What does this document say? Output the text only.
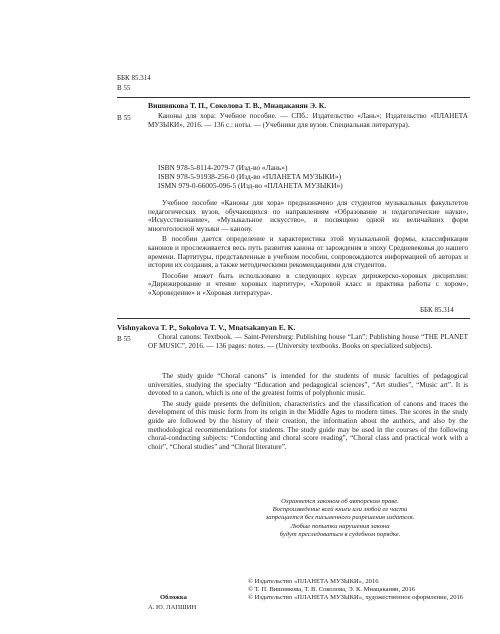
ББК 85.314
В 55
В 55
Вишнякова Т. П., Соколова Т. В., Мнацаканян Э. К.
Каноны для хора: Учебное пособие. — СПб.: Издательство «Лань»; Издательство «ПЛАНЕТА МУЗЫКИ», 2016. — 136 с.: ноты. — (Учебники для вузов. Специальная литература).
ISBN 978-5-8114-2079-7 (Изд-во «Лань»)
ISBN 978-5-91938-256-0 (Изд-во «ПЛАНЕТА МУЗЫКИ»)
ISMN 979-0-66005-096-5 (Изд-во «ПЛАНЕТА МУЗЫКИ»)

Учебное пособие «Каноны для хора» предназначено для студентов музыкальных факультетов педагогических вузов, обучающихся по направлениям «Образование и педагогические науки», «Искусствознание», «Музыкальное искусство», и посвящено одной из величайших форм многоголосной музыки — канону.

В пособии дается определение и характеристика этой музыкальной формы, классификация канонов и прослеживается весь путь развития канона от зарождения в эпоху Средневековья до нашего времени. Партитуры, представленные в учебном пособии, сопровождаются информацией об авторах и истории их создания, а также методическими рекомендациями для студентов.

Пособие может быть использовано в следующих курсах дирижерско-хоровых дисциплин: «Дирижирование и чтение хоровых партитур», «Хоровой класс и практика работы с хором», «Хороведение» и «Хоровая литература».

ББК 85.314
В 55
Vishnyakova T. P., Sokolova T. V., Mnatsakanyan E. K.
Choral canons: Textbook. — Saint-Petersburg: Publishing house “Lan”; Publishing house “THE PLANET OF MUSIC”, 2016. — 136 pages: notes. — (University textbooks. Books on specialized subjects).

The study guide “Choral canons” is intended for the students of music faculties of pedagogical universities, studying the specialty “Education and pedagogical sciences”, “Art studies”, “Music art”. It is devoted to a canon, which is one of the greatest forms of polyphonic music.

The study guide presents the definition, characteristics and the classification of canons and traces the development of this music form from its origin in the Middle Ages to modern times. The scores in the study guide are followed by the history of their creation, the information about the authors, and also by the methodological recommendations for students. The study guide may be used in the courses of the following choral-conducting subjects: “Conducting and choral score reading”, “Choral class and practical work with a choir”, “Choral studies” and “Choral literature”.

Охраняется законом об авторском праве.
Воспроизведение всей книги или любой ее части
запрещается без письменного разрешения издателя.
Любые попытки нарушения закона
будут преследоваться в судебном порядке.
Обложка
А. Ю. ЛАПШИН
© Издательство «ПЛАНЕТА МУЗЫКИ», 2016
© Т. П. Вишнякова, Т. В. Соколова, Э. К. Мнацаканян, 2016
© Издательство «ПЛАНЕТА МУЗЫКИ», художественное оформление, 2016
